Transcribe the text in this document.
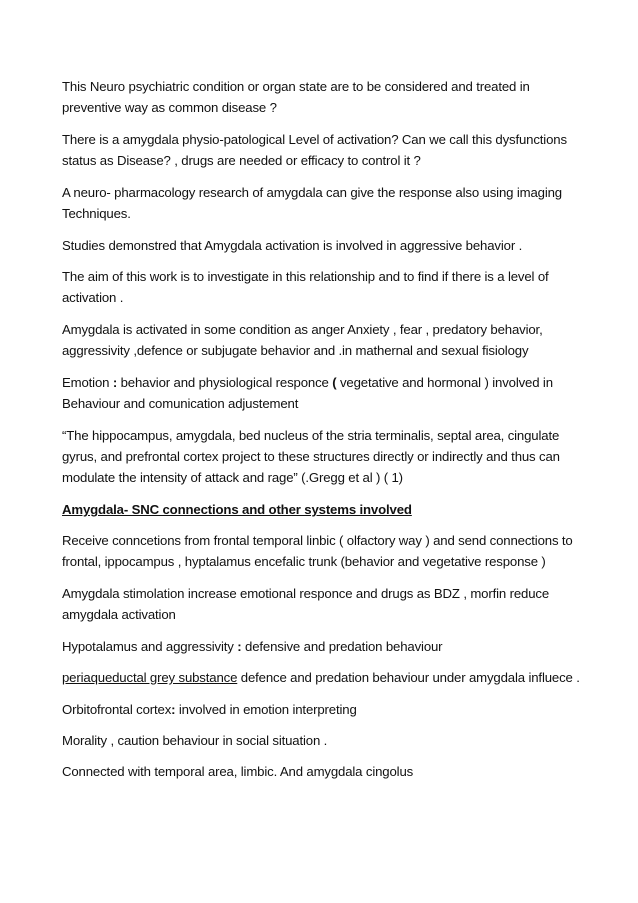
This Neuro psychiatric condition or organ state are to be considered and treated in preventive way as common disease ?

There is a amygdala physio-patological Level of activation? Can we call this dysfunctions status as Disease? , drugs are needed or efficacy to control it ?

A neuro- pharmacology research of amygdala can give the response also using imaging Techniques.

Studies demonstred that Amygdala activation is involved in aggressive behavior .

The aim of this work is to investigate in this relationship and to find if there is a level of activation .

Amygdala is activated in some condition as anger Anxiety , fear , predatory behavior, aggressivity ,defence or subjugate behavior and .in mathernal and sexual fisiology

Emotion : behavior and physiological responce ( vegetative and hormonal ) involved in Behaviour and comunication adjustement

“The hippocampus, amygdala, bed nucleus of the stria terminalis, septal area, cingulate gyrus, and prefrontal cortex project to these structures directly or indirectly and thus can modulate the intensity of attack and rage” (.Gregg et al ) ( 1)

Amygdala- SNC connections and other systems involved

Receive conncetions from frontal temporal linbic ( olfactory way ) and send connections to frontal, ippocampus , hyptalamus encefalic trunk (behavior and vegetative response )

Amygdala stimolation increase emotional responce and drugs as BDZ , morfin reduce amygdala activation

Hypotalamus and aggressivity : defensive and predation behaviour

periaqueductal grey substance defence and predation behaviour under amygdala influece .

Orbitofrontal cortex: involved in emotion interpreting

Morality , caution behaviour in social situation .

Connected with temporal area, limbic. And amygdala cingolus
